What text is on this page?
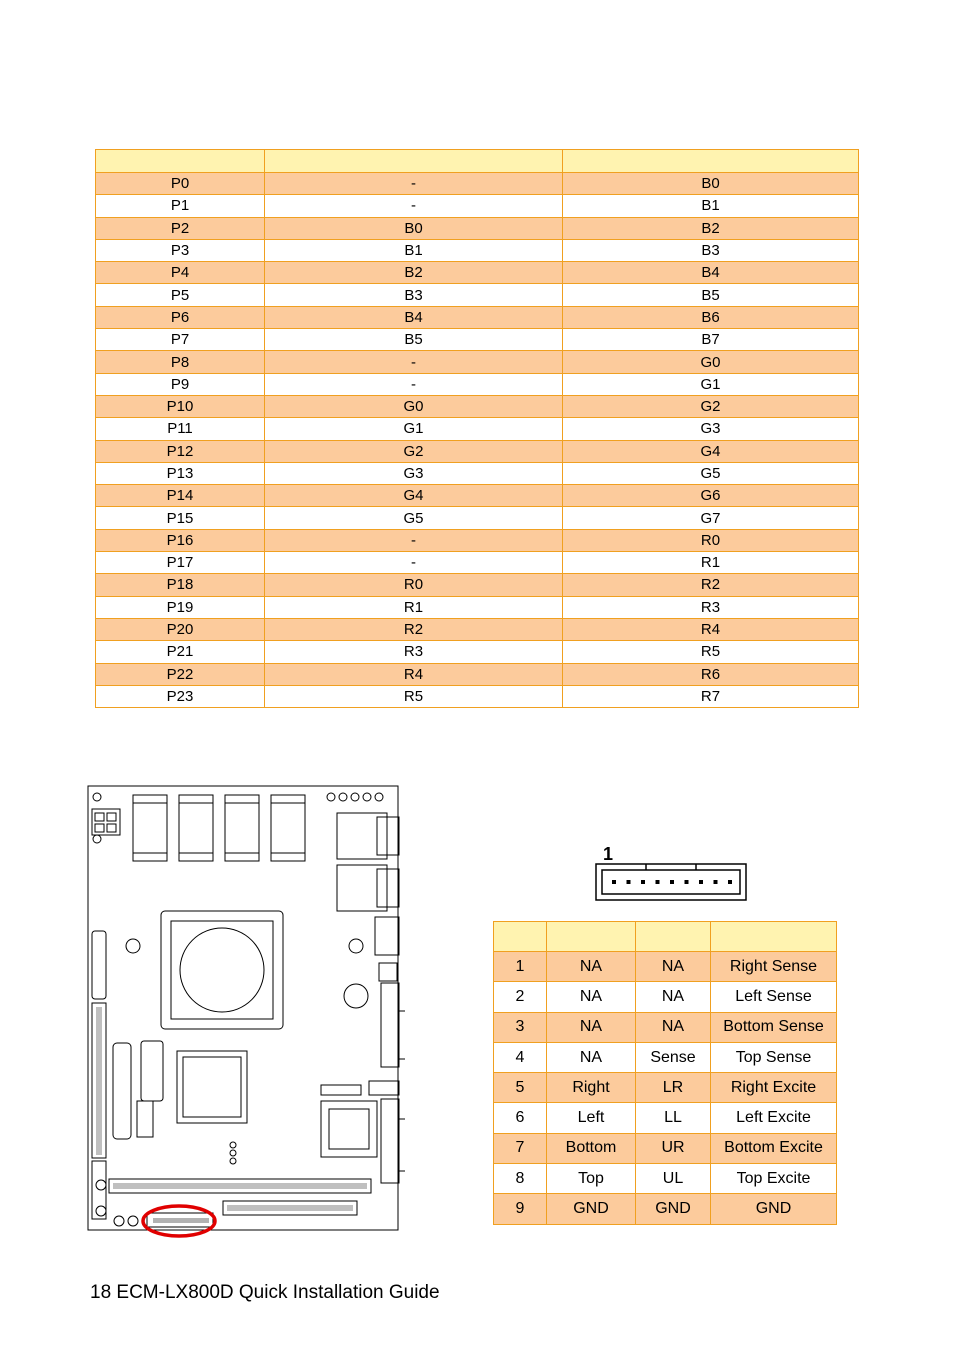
P0	-	B0
P1	-	B1
P2	B0	B2
P3	B1	B3
P4	B2	B4
P5	B3	B5
P6	B4	B6
P7	B5	B7
P8	-	G0
P9	-	G1
P10	G0	G2
P11	G1	G3
P12	G2	G4
P13	G3	G5
P14	G4	G6
P15	G5	G7
P16	-	R0
P17	-	R1
P18	R0	R2
P19	R1	R3
P20	R2	R4
P21	R3	R5
P22	R4	R6
P23	R5	R7
1

1	NA	NA	Right Sense
2	NA	NA	Left Sense
3	NA	NA	Bottom Sense
4	NA	Sense	Top Sense
5	Right	LR	Right Excite
6	Left	LL	Left Excite
7	Bottom	UR	Bottom Excite
8	Top	UL	Top Excite
9	GND	GND	GND
18 ECM-LX800D Quick Installation Guide
